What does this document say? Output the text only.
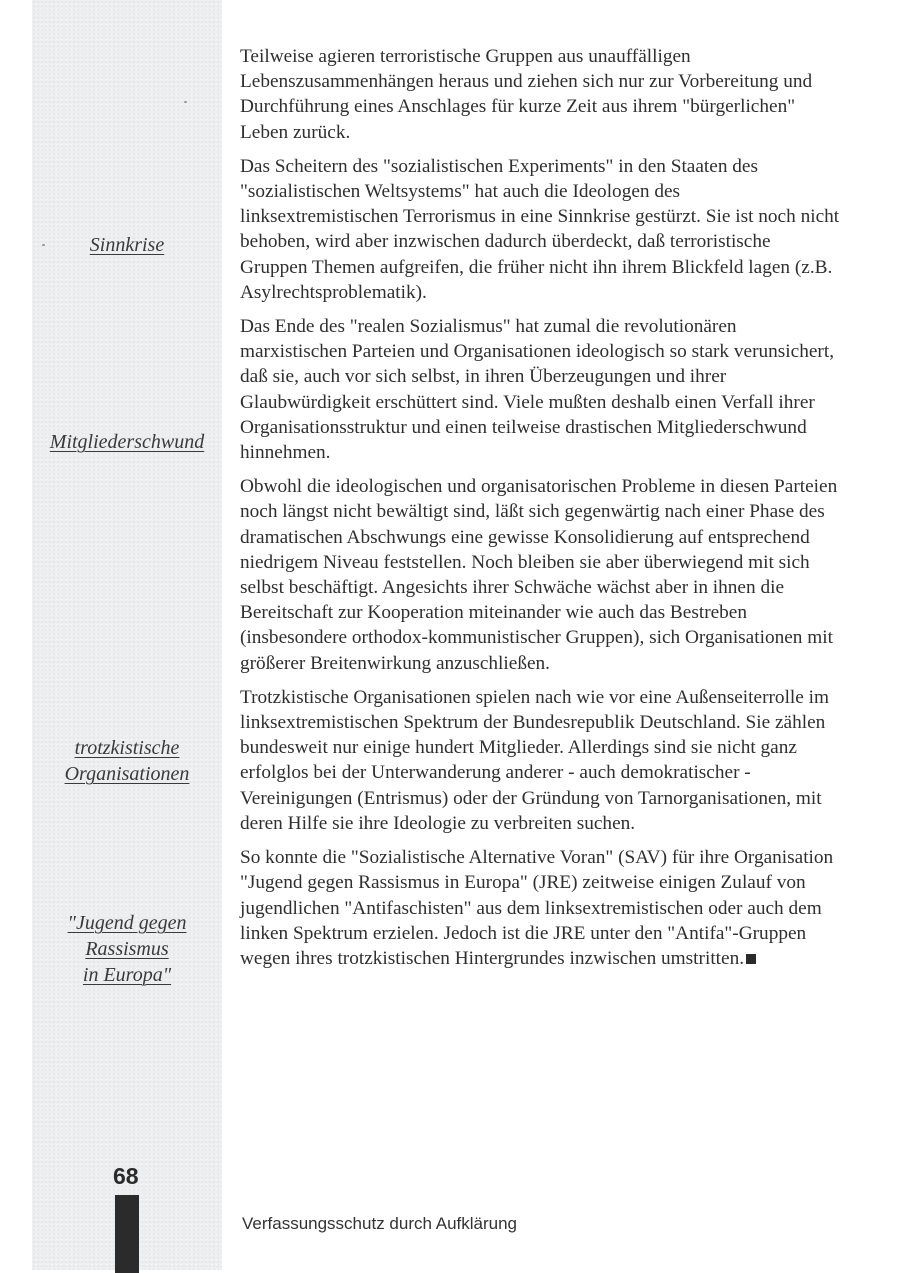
Sinnkrise
Mitgliederschwund
trotzkistische
Organisationen
"Jugend gegen
Rassismus
in Europa"
68

Teilweise agieren terroristische Gruppen aus unauffälligen Lebenszusammenhängen heraus und ziehen sich nur zur Vorbereitung und Durchführung eines Anschlages für kurze Zeit aus ihrem "bürgerlichen" Leben zurück.

Das Scheitern des "sozialistischen Experiments" in den Staaten des "sozialistischen Weltsystems" hat auch die Ideologen des linksextremistischen Terrorismus in eine Sinnkrise gestürzt. Sie ist noch nicht behoben, wird aber inzwischen dadurch überdeckt, daß terroristische Gruppen Themen aufgreifen, die früher nicht ihn ihrem Blickfeld lagen (z.B. Asylrechtsproblematik).

Das Ende des "realen Sozialismus" hat zumal die revolutionären marxistischen Parteien und Organisationen ideologisch so stark verunsichert, daß sie, auch vor sich selbst, in ihren Überzeugungen und ihrer Glaubwürdigkeit erschüttert sind. Viele mußten deshalb einen Verfall ihrer Organisationsstruktur und einen teilweise drastischen Mitgliederschwund hinnehmen.

Obwohl die ideologischen und organisatorischen Probleme in diesen Parteien noch längst nicht bewältigt sind, läßt sich gegenwärtig nach einer Phase des dramatischen Abschwungs eine gewisse Konsolidierung auf entsprechend niedrigem Niveau feststellen. Noch bleiben sie aber überwiegend mit sich selbst beschäftigt. Angesichts ihrer Schwäche wächst aber in ihnen die Bereitschaft zur Kooperation miteinander wie auch das Bestreben (insbesondere orthodox-kommunistischer Gruppen), sich Organisationen mit größerer Breitenwirkung anzuschließen.

Trotzkistische Organisationen spielen nach wie vor eine Außenseiterrolle im linksextremistischen Spektrum der Bundesrepublik Deutschland. Sie zählen bundesweit nur einige hundert Mitglieder. Allerdings sind sie nicht ganz erfolglos bei der Unterwanderung anderer - auch demokratischer - Vereinigungen (Entrismus) oder der Gründung von Tarnorganisationen, mit deren Hilfe sie ihre Ideologie zu verbreiten suchen.

So konnte die "Sozialistische Alternative Voran" (SAV) für ihre Organisation "Jugend gegen Rassismus in Europa" (JRE) zeitweise einigen Zulauf von jugendlichen "Antifaschisten" aus dem linksextremistischen oder auch dem linken Spektrum erzielen. Jedoch ist die JRE unter den "Antifa"-Gruppen wegen ihres trotzkistischen Hintergrundes inzwischen umstritten.

Verfassungsschutz durch Aufklärung
